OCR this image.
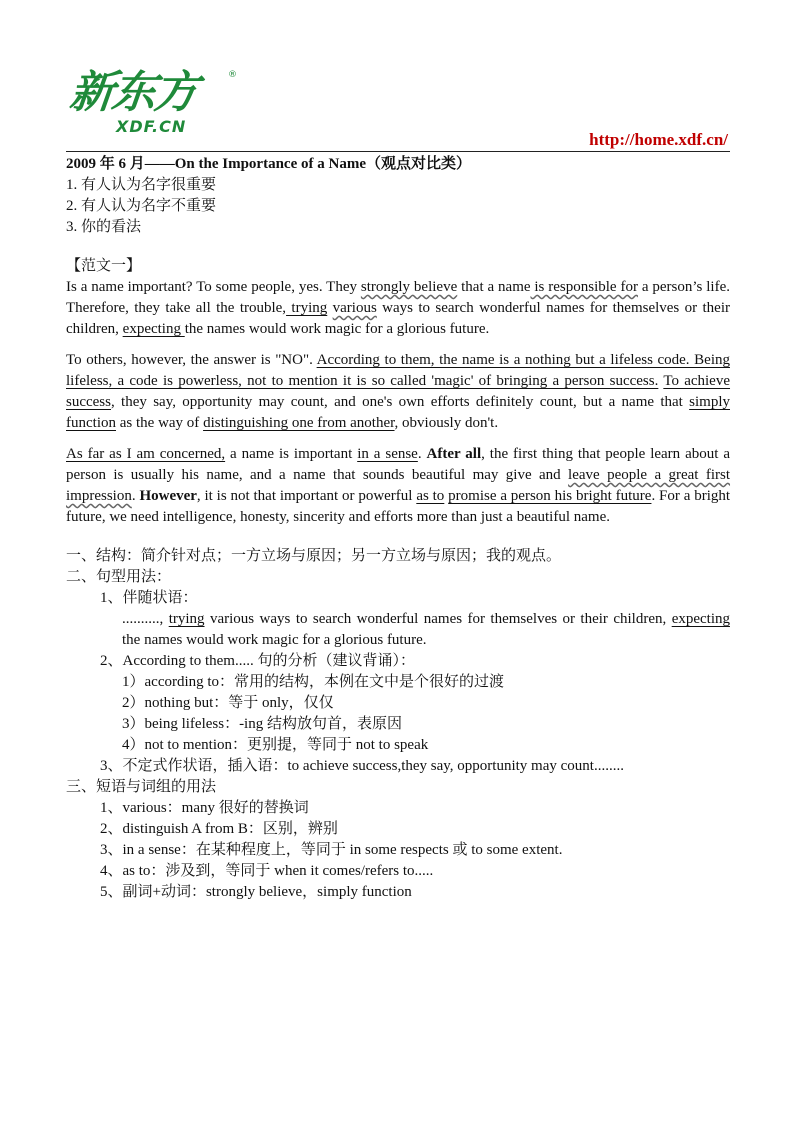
新东方	®
XDF.CN
http://home.xdf.cn/
2009 年 6 月——On the Importance of a Name（观点对比类）
1. 有人认为名字很重要
2. 有人认为名字不重要
3. 你的看法
【范文一】

Is a name important? To some people, yes. They strongly believe that a name is responsible for a person’s life. Therefore, they take all the trouble, trying various ways to search wonderful names for themselves or their children, expecting the names would work magic for a glorious future.

To others, however, the answer is "NO". According to them, the name is a nothing but a lifeless code. Being lifeless, a code is powerless, not to mention it is so called 'magic' of bringing a person success. To achieve success, they say, opportunity may count, and one's own efforts definitely count, but a name that simply function as the way of distinguishing one from another, obviously don't.

As far as I am concerned, a name is important in a sense. After all, the first thing that people learn about a person is usually his name, and a name that sounds beautiful may give and leave people a great first impression. However, it is not that important or powerful as to promise a person his bright future. For a bright future, we need intelligence, honesty, sincerity and efforts more than just a beautiful name.

一、结构：简介针对点；一方立场与原因；另一方立场与原因；我的观点。
二、句型用法：
1、伴随状语：
.........., trying various ways to search wonderful names for themselves or their children, expecting the names would work magic for a glorious future.
2、According to them..... 句的分析（建议背诵）：
1）according to：常用的结构，本例在文中是个很好的过渡
2）nothing but：等于 only，仅仅
3）being lifeless：-ing 结构放句首，表原因
4）not to mention：更别提，等同于 not to speak
3、不定式作状语，插入语：to achieve success,they say, opportunity may count........
三、短语与词组的用法
1、various：many 很好的替换词
2、distinguish A from B：区别，辨别
3、in a sense：在某种程度上，等同于 in some respects 或 to some extent.
4、as to：涉及到，等同于 when it comes/refers to.....
5、副词+动词：strongly believe，simply function
